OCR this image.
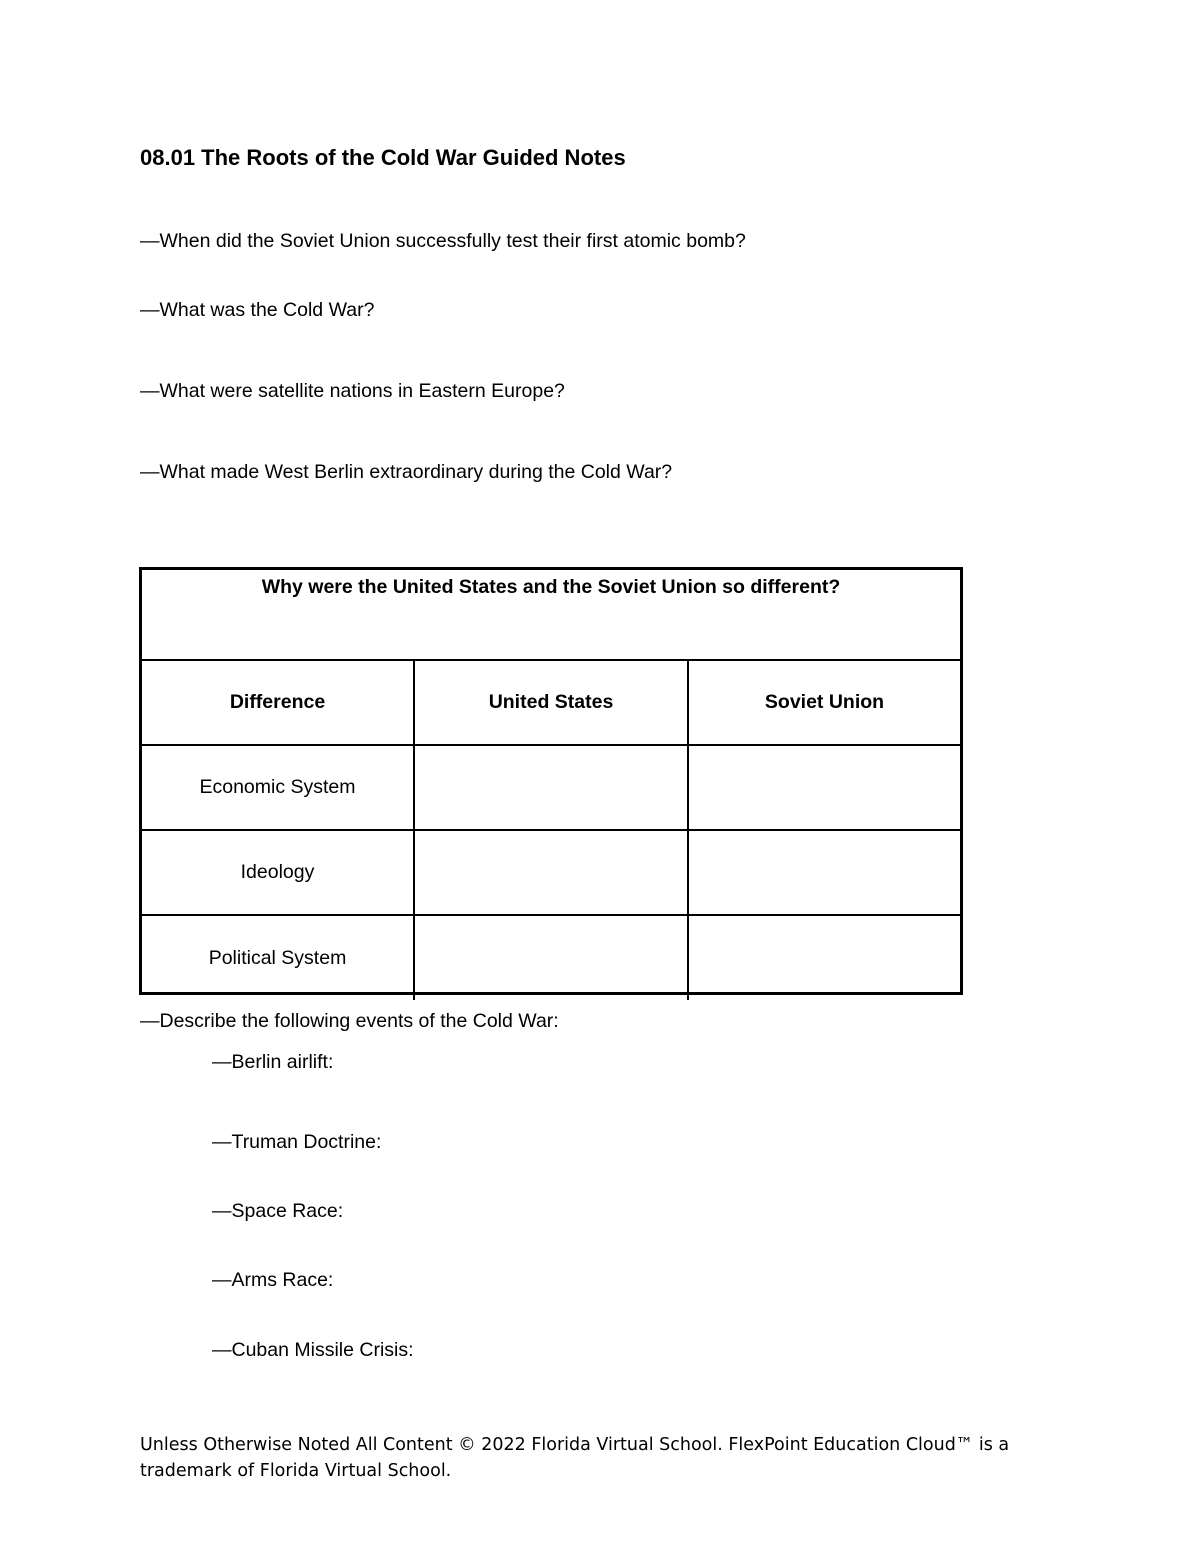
08.01 The Roots of the Cold War Guided Notes
—When did the Soviet Union successfully test their first atomic bomb?
—What was the Cold War?
—What were satellite nations in Eastern Europe?
—What made West Berlin extraordinary during the Cold War?
Why were the United States and the Soviet Union so different?		
Difference	United States	Soviet Union
Economic System		
Ideology		
Political System		
—Describe the following events of the Cold War:
—Berlin airlift:
—Truman Doctrine:
—Space Race:
—Arms Race:
—Cuban Missile Crisis:
Unless Otherwise Noted All Content © 2022 Florida Virtual School. FlexPoint Education Cloud™ is a
trademark of Florida Virtual School.
